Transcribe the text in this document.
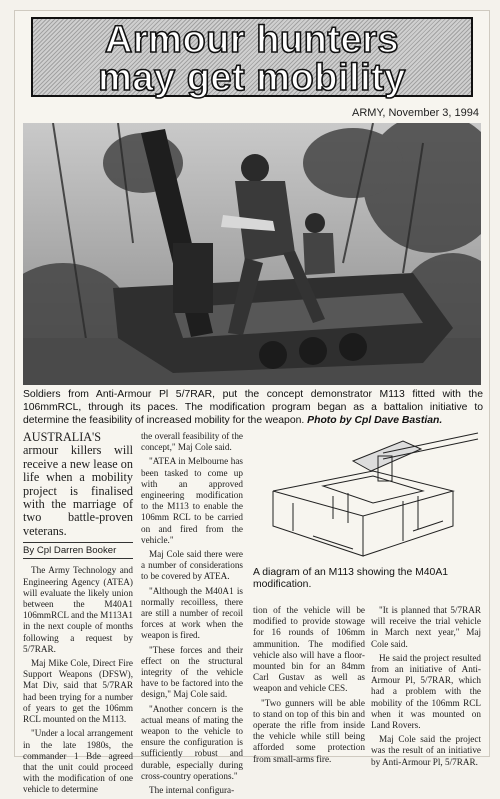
Armour hunters
may get mobility
ARMY, November 3, 1994
Soldiers from Anti-Armour Pl 5/7RAR, put the concept demonstrator M113 fitted with the 106mmRCL, through its paces. The modification program began as a battalion initiative to determine the feasibility of increased mobility for the weapon. Photo by Cpl Dave Bastian.
AUSTRALIA'S armour killers will receive a new lease on life when a mobility project is finalised with the marriage of two battle-proven veterans.
By Cpl Darren Booker

The Army Technology and Engineering Agency (ATEA) will evaluate the likely union between the M40A1 106mmRCL and the M113A1 in the next couple of months following a request by 5/7RAR.

Maj Mike Cole, Direct Fire Support Weapons (DFSW), Mat Div, said that 5/7RAR had been trying for a number of years to get the 106mm RCL mounted on the M113.

"Under a local arrangement in the late 1980s, the commander 1 Bde agreed that the unit could proceed with the modification of one vehicle to determine

the overall feasibility of the concept," Maj Cole said.

"ATEA in Melbourne has been tasked to come up with an approved engineering modification to the M113 to enable the 106mm RCL to be carried on and fired from the vehicle."

Maj Cole said there were a number of considerations to be covered by ATEA.

"Although the M40A1 is normally recoilless, there are still a number of recoil forces at work when the weapon is fired.

"These forces and their effect on the structural integrity of the vehicle have to be factored into the design," Maj Cole said.

"Another concern is the actual means of mating the weapon to the vehicle to ensure the configuration is sufficiently robust and durable, especially during cross-country operations."

The internal configura-

A diagram of an M113 showing the M40A1 modification.

tion of the vehicle will be modified to provide stowage for 16 rounds of 106mm ammunition. The modified vehicle also will have a floor-mounted bin for an 84mm Carl Gustav as well as weapon and vehicle CES.

"Two gunners will be able to stand on top of this bin and operate the rifle from inside the vehicle while still being afforded some protection from small-arms fire.

"It is planned that 5/7RAR will receive the trial vehicle in March next year," Maj Cole said.

He said the project resulted from an initiative of Anti-Armour Pl, 5/7RAR, which had a problem with the mobility of the 106mm RCL when it was mounted on Land Rovers.

Maj Cole said the project was the result of an initiative by Anti-Armour Pl, 5/7RAR.
